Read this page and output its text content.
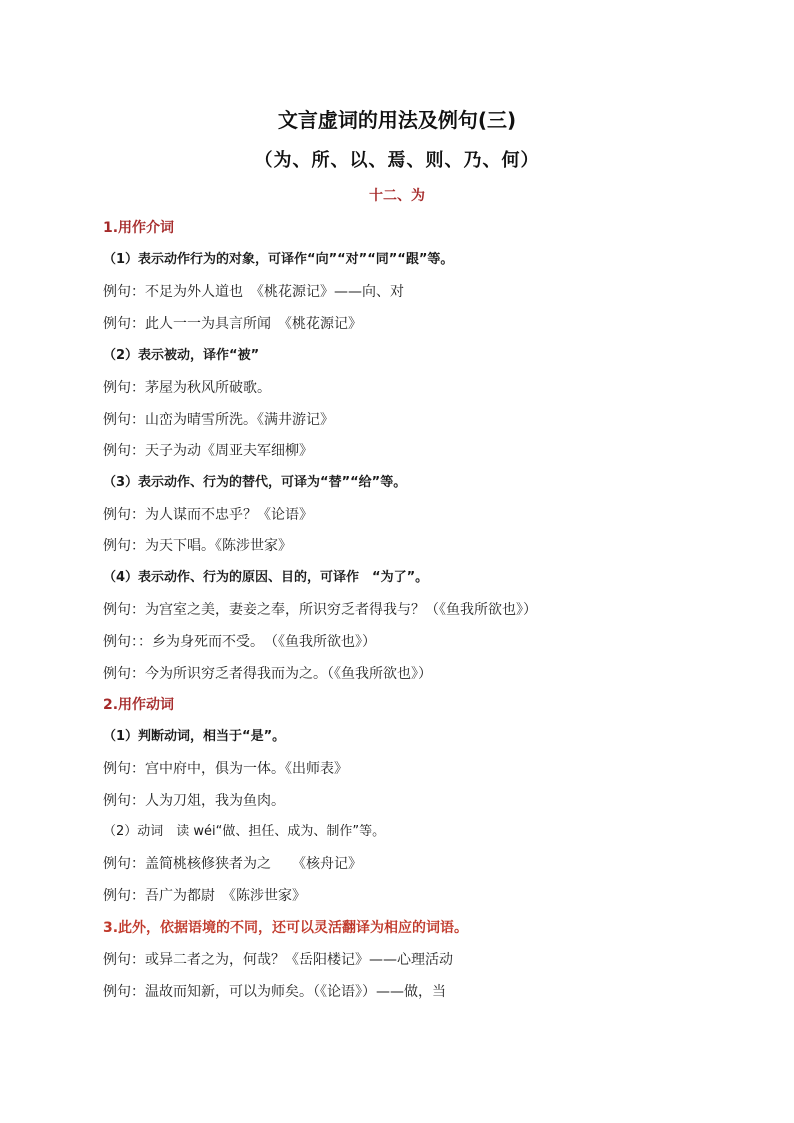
文言虚词的用法及例句(三)
（为、所、以、焉、则、乃、何）
十二、为
1.用作介词
（1）表示动作行为的对象，可译作“向”“对”“同”“跟”等。
例句：不足为外人道也　《桃花源记》——向、对
例句：此人一一为具言所闻　《桃花源记》
（2）表示被动，译作“被”
例句：茅屋为秋风所破歌。
例句：山峦为晴雪所洗。《满井游记》
例句：天子为动《周亚夫军细柳》
（3）表示动作、行为的替代，可译为“替”“给”等。
例句：为人谋而不忠乎？《论语》
例句：为天下唱。《陈涉世家》
（4）表示动作、行为的原因、目的，可译作　“为了”。
例句：为宫室之美，妻妾之奉，所识穷乏者得我与？（《鱼我所欲也》）
例句：：乡为身死而不受。　（《鱼我所欲也》）
例句：今为所识穷乏者得我而为之。（《鱼我所欲也》）
2.用作动词
（1）判断动词，相当于“是”。
例句：宫中府中，俱为一体。《出师表》
例句：人为刀俎，我为鱼肉。
（2）动词　读 wéi“做、担任、成为、制作”等。
例句：盖简桃核修狭者为之　　《核舟记》
例句：吾广为都尉　《陈涉世家》
3.此外，依据语境的不同，还可以灵活翻译为相应的词语。
例句：或异二者之为，何哉？《岳阳楼记》——心理活动
例句：温故而知新，可以为师矣。（《论语》）——做，当
